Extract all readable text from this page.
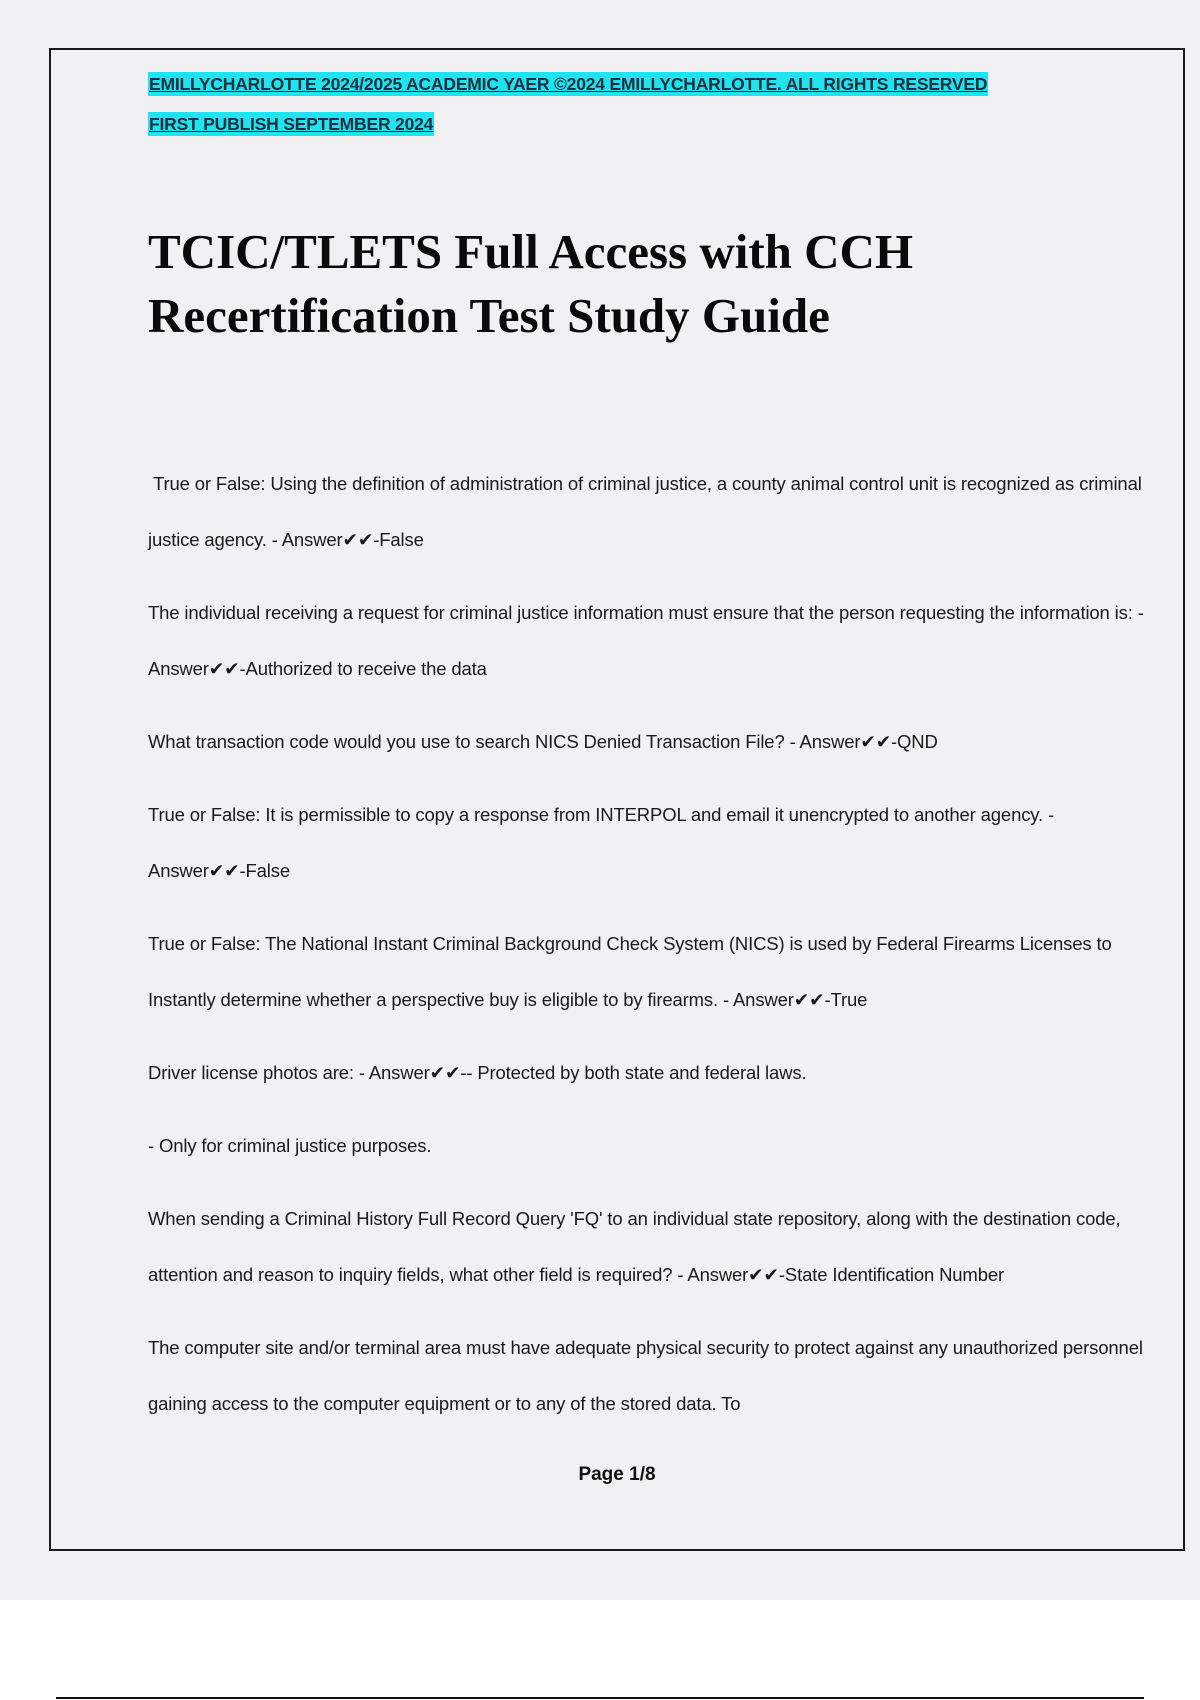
EMILLYCHARLOTTE 2024/2025 ACADEMIC YAER ©2024 EMILLYCHARLOTTE. ALL RIGHTS RESERVED
FIRST PUBLISH SEPTEMBER 2024
TCIC/TLETS Full Access with CCH Recertification Test Study Guide

True or False: Using the definition of administration of criminal justice, a county animal control unit is recognized as criminal justice agency. - Answer✔✔-False

The individual receiving a request for criminal justice information must ensure that the person requesting the information is: - Answer✔✔-Authorized to receive the data

What transaction code would you use to search NICS Denied Transaction File? - Answer✔✔-QND

True or False: It is permissible to copy a response from INTERPOL and email it unencrypted to another agency. - Answer✔✔-False

True or False: The National Instant Criminal Background Check System (NICS) is used by Federal Firearms Licenses to Instantly determine whether a perspective buy is eligible to by firearms. - Answer✔✔-True

Driver license photos are: - Answer✔✔-- Protected by both state and federal laws.

- Only for criminal justice purposes.

When sending a Criminal History Full Record Query 'FQ' to an individual state repository, along with the destination code, attention and reason to inquiry fields, what other field is required? - Answer✔✔-State Identification Number

The computer site and/or terminal area must have adequate physical security to protect against any unauthorized personnel gaining access to the computer equipment or to any of the stored data. To

Page 1/8
